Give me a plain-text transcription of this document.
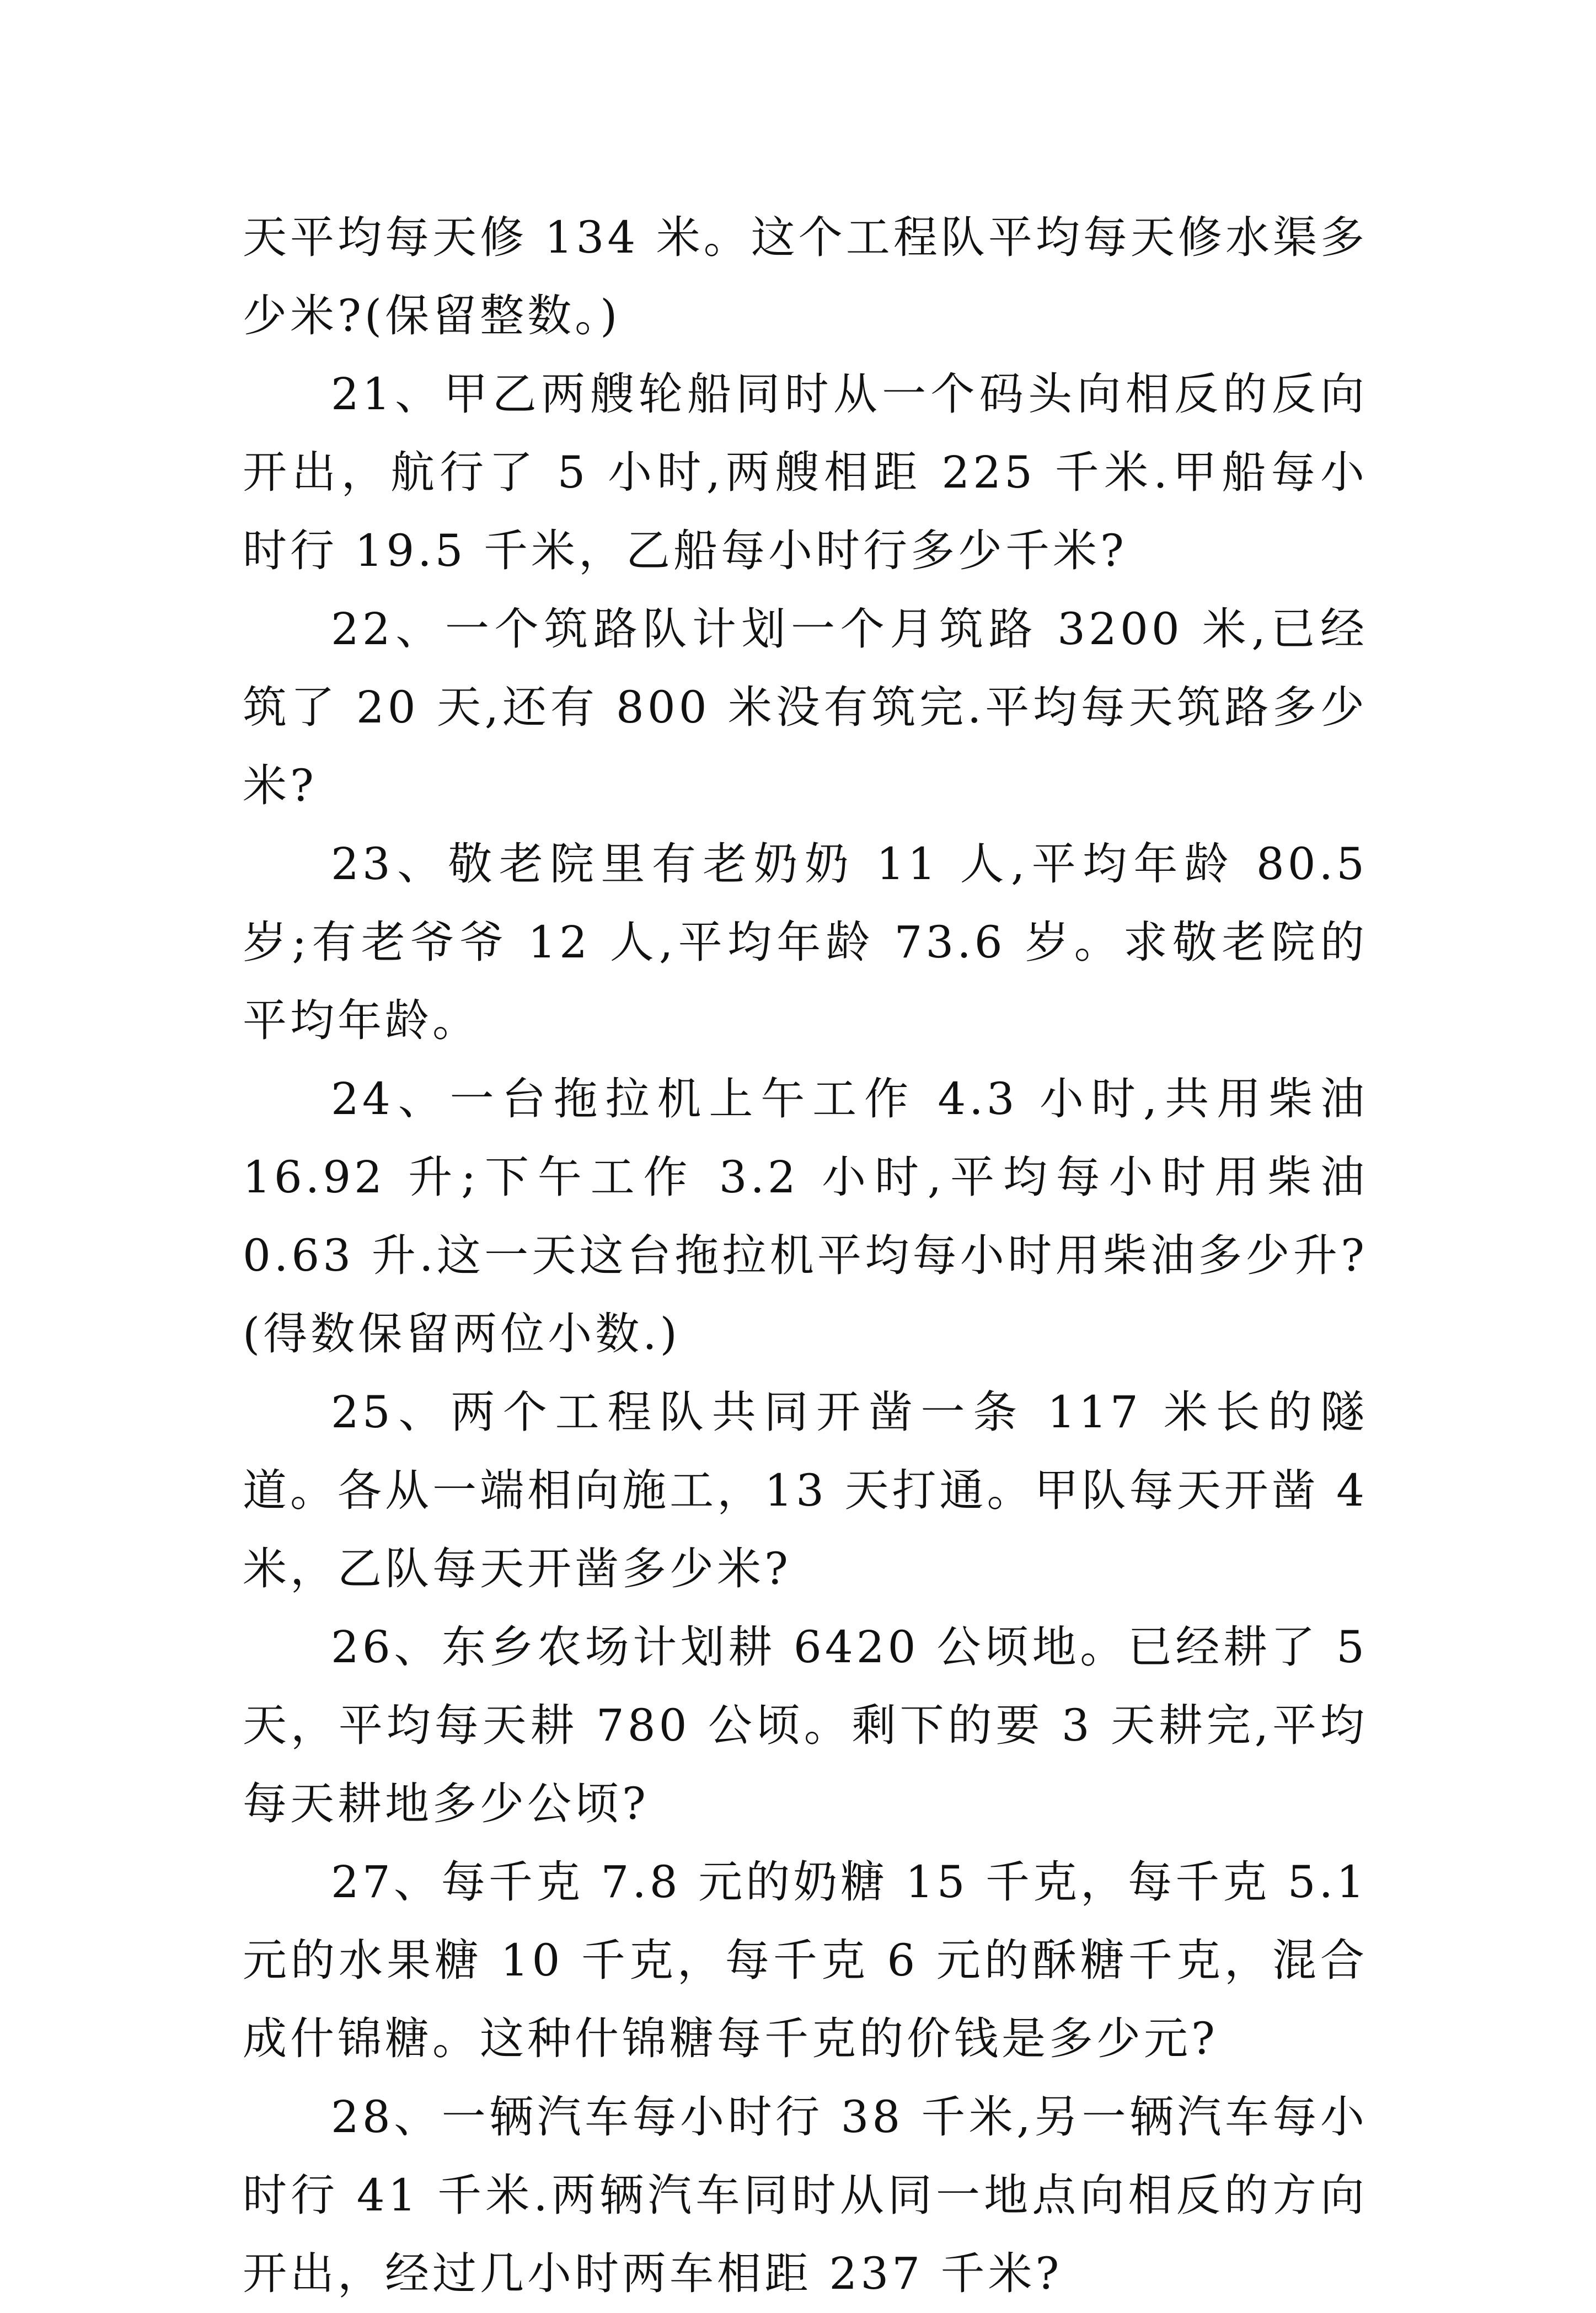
天平均每天修 134 米。这个工程队平均每天修水渠多少米?(保留整数。)

21、甲乙两艘轮船同时从一个码头向相反的反向开出，航行了 5 小时,两艘相距 225 千米.甲船每小时行 19.5 千米，乙船每小时行多少千米?

22、一个筑路队计划一个月筑路 3200 米,已经筑了 20 天,还有 800 米没有筑完.平均每天筑路多少米?

23、敬老院里有老奶奶 11 人,平均年龄 80.5 岁;有老爷爷 12 人,平均年龄 73.6 岁。求敬老院的平均年龄。

24、一台拖拉机上午工作 4.3 小时,共用柴油 16.92 升;下午工作 3.2 小时,平均每小时用柴油 0.63 升.这一天这台拖拉机平均每小时用柴油多少升?(得数保留两位小数.)

25、两个工程队共同开凿一条 117 米长的隧道。各从一端相向施工，13 天打通。甲队每天开凿 4 米，乙队每天开凿多少米?

26、东乡农场计划耕 6420 公顷地。已经耕了 5 天，平均每天耕 780 公顷。剩下的要 3 天耕完,平均每天耕地多少公顷?

27、每千克 7.8 元的奶糖 15 千克，每千克 5.1 元的水果糖 10 千克，每千克 6 元的酥糖千克，混合成什锦糖。这种什锦糖每千克的价钱是多少元?

28、一辆汽车每小时行 38 千米,另一辆汽车每小时行 41 千米.两辆汽车同时从同一地点向相反的方向开出，经过几小时两车相距 237 千米?
